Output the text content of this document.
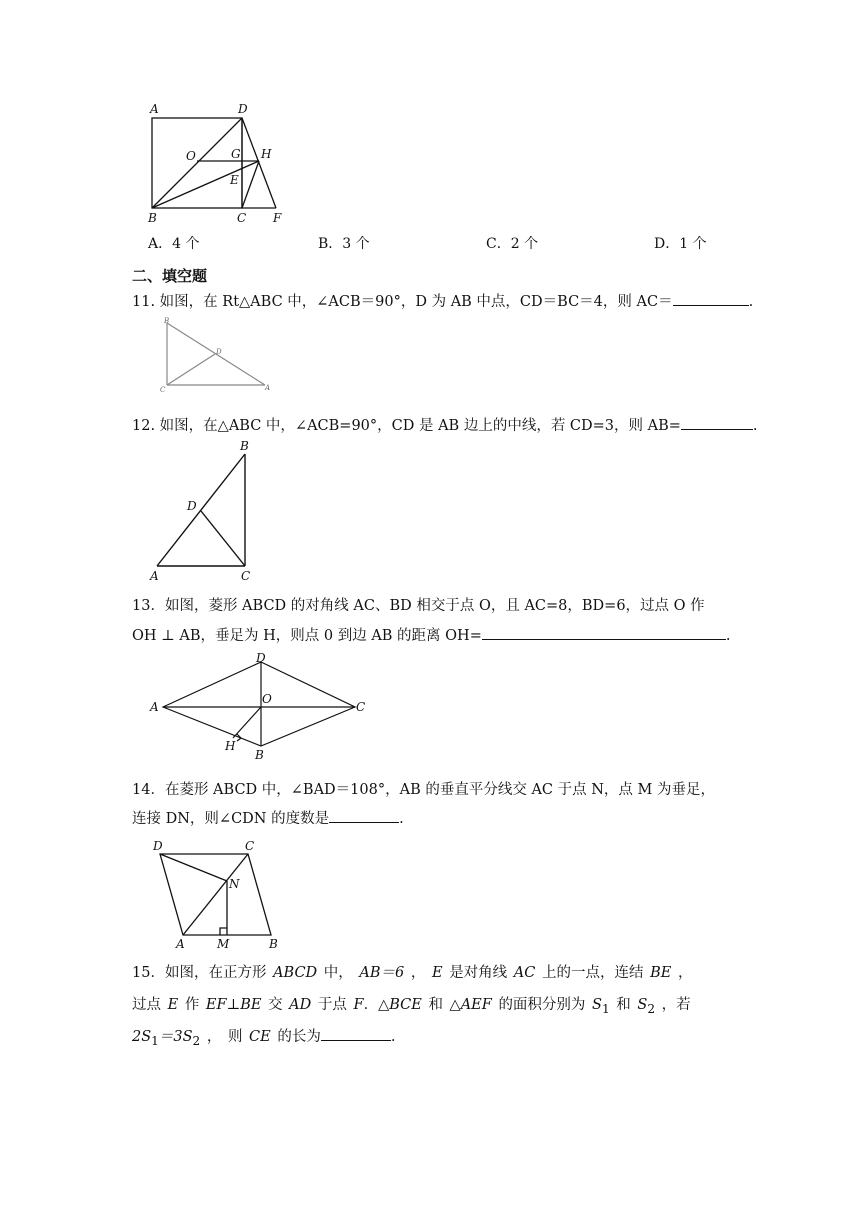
A	D
O	G H
E
B	C F
A．4 个	B．3 个	C．2 个	D．1 个
二、填空题
11. 如图，在 Rt△ABC 中，∠ACB＝90°，D 为 AB 中点，CD＝BC＝4，则 AC＝	.
B
D
C	A
12. 如图，在△ABC 中，∠ACB=90°，CD 是 AB 边上的中线，若 CD=3，则 AB=	.
B
D
A	C
13．如图，菱形 ABCD 的对角线 AC、BD 相交于点 O，且 AC=8，BD=6，过点 O 作
OH ⊥ AB，垂足为 H，则点 0 到边 AB 的距离 OH=	.
D
A
O
C
H
B
14．在菱形 ABCD 中，∠BAD＝108°，AB 的垂直平分线交 AC 于点 N，点 M 为垂足，
连接 DN，则∠CDN 的度数是	.
D	C
N
A	M	B
15．如图，在正方形 ABCD 中， AB＝6 ， E 是对角线 AC 上的一点，连结 BE ，
过点 E 作 EF⊥BE 交 AD 于点 F．△BCE 和 △AEF 的面积分别为 $S_1$ 和 $S_2$ ，若
$2S_1=3S_2$ ， 则 CE 的长为	.
